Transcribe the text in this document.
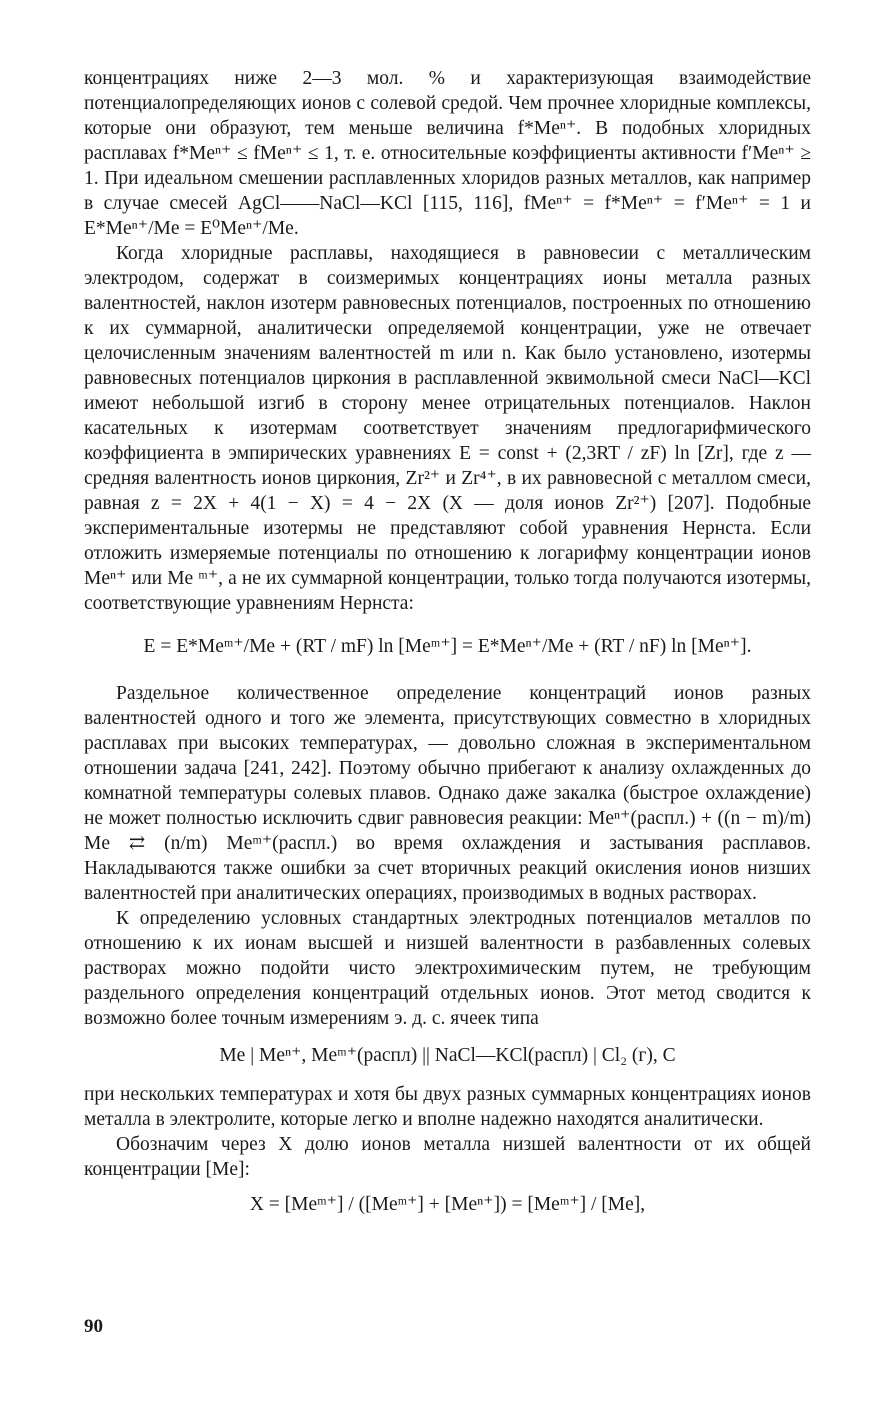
концентрациях ниже 2—3 мол. % и характеризующая взаимодействие потенциалопределяющих ионов с солевой средой. Чем прочнее хлоридные комплексы, которые они образуют, тем меньше величина f*Meⁿ⁺. В подобных хлоридных расплавах f*Meⁿ⁺ ≤ fMeⁿ⁺ ≤ 1, т. е. относительные коэффициенты активности f′Meⁿ⁺ ≥ 1. При идеальном смешении расплавленных хлоридов разных металлов, как например в случае смесей AgCl——NaCl—KCl [115, 116], fMeⁿ⁺ = f*Meⁿ⁺ = f′Meⁿ⁺ = 1 и E*Meⁿ⁺/Me = E⁰Meⁿ⁺/Me.

Когда хлоридные расплавы, находящиеся в равновесии с металлическим электродом, содержат в соизмеримых концентрациях ионы металла разных валентностей, наклон изотерм равновесных потенциалов, построенных по отношению к их суммарной, аналитически определяемой концентрации, уже не отвечает целочисленным значениям валентностей m или n. Как было установлено, изотермы равновесных потенциалов циркония в расплавленной эквимольной смеси NaCl—KCl имеют небольшой изгиб в сторону менее отрицательных потенциалов. Наклон касательных к изотермам соответствует значениям предлогарифмического коэффициента в эмпирических уравнениях E = const + (2,3RT / zF) ln [Zr], где z — средняя валентность ионов циркония, Zr²⁺ и Zr⁴⁺, в их равновесной с металлом смеси, равная z = 2X + 4(1 − X) = 4 − 2X (X — доля ионов Zr²⁺) [207]. Подобные экспериментальные изотермы не представляют собой уравнения Нернста. Если отложить измеряемые потенциалы по отношению к логарифму концентрации ионов Meⁿ⁺ или Me ᵐ⁺, а не их суммарной концентрации, только тогда получаются изотермы, соответствующие уравнениям Нернста:

E = E*Meᵐ⁺/Me + (RT / mF) ln [Meᵐ⁺] = E*Meⁿ⁺/Me + (RT / nF) ln [Meⁿ⁺].

Раздельное количественное определение концентраций ионов разных валентностей одного и того же элемента, присутствующих совместно в хлоридных расплавах при высоких температурах, — довольно сложная в экспериментальном отношении задача [241, 242]. Поэтому обычно прибегают к анализу охлажденных до комнатной температуры солевых плавов. Однако даже закалка (быстрое охлаждение) не может полностью исключить сдвиг равновесия реакции: Meⁿ⁺(распл.) + ((n − m)/m) Me ⇄ (n/m) Meᵐ⁺(распл.) во время охлаждения и застывания расплавов. Накладываются также ошибки за счет вторичных реакций окисления ионов низших валентностей при аналитических операциях, производимых в водных растворах.

К определению условных стандартных электродных потенциалов металлов по отношению к их ионам высшей и низшей валентности в разбавленных солевых растворах можно подойти чисто электрохимическим путем, не требующим раздельного определения концентраций отдельных ионов. Этот метод сводится к возможно более точным измерениям э. д. с. ячеек типа

Me | Meⁿ⁺, Meᵐ⁺(распл) || NaCl—KCl(распл) | Cl₂ (г), C

при нескольких температурах и хотя бы двух разных суммарных концентрациях ионов металла в электролите, которые легко и вполне надежно находятся аналитически.

Обозначим через X долю ионов металла низшей валентности от их общей концентрации [Me]:

X = [Meᵐ⁺] / ([Meᵐ⁺] + [Meⁿ⁺]) = [Meᵐ⁺] / [Me],
90
